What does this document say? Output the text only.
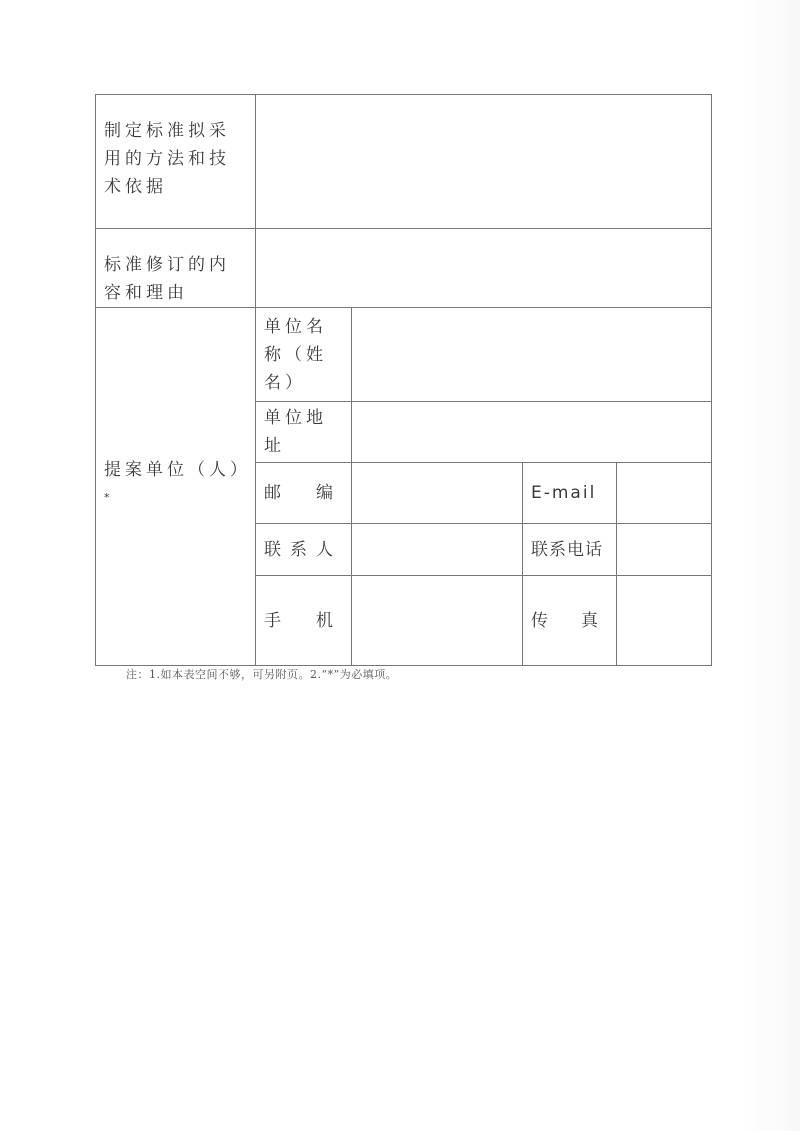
制定标准拟采用的方法和技术依据				
标准修订的内容和理由				
提案单位（人）*	单位名称（姓名）			
	单位地址			

	邮 编		E-mail	

	联 系 人		联系电话	

	手 机		传 真	

注：1.如本表空间不够，可另附页。2.“*”为必填项。
